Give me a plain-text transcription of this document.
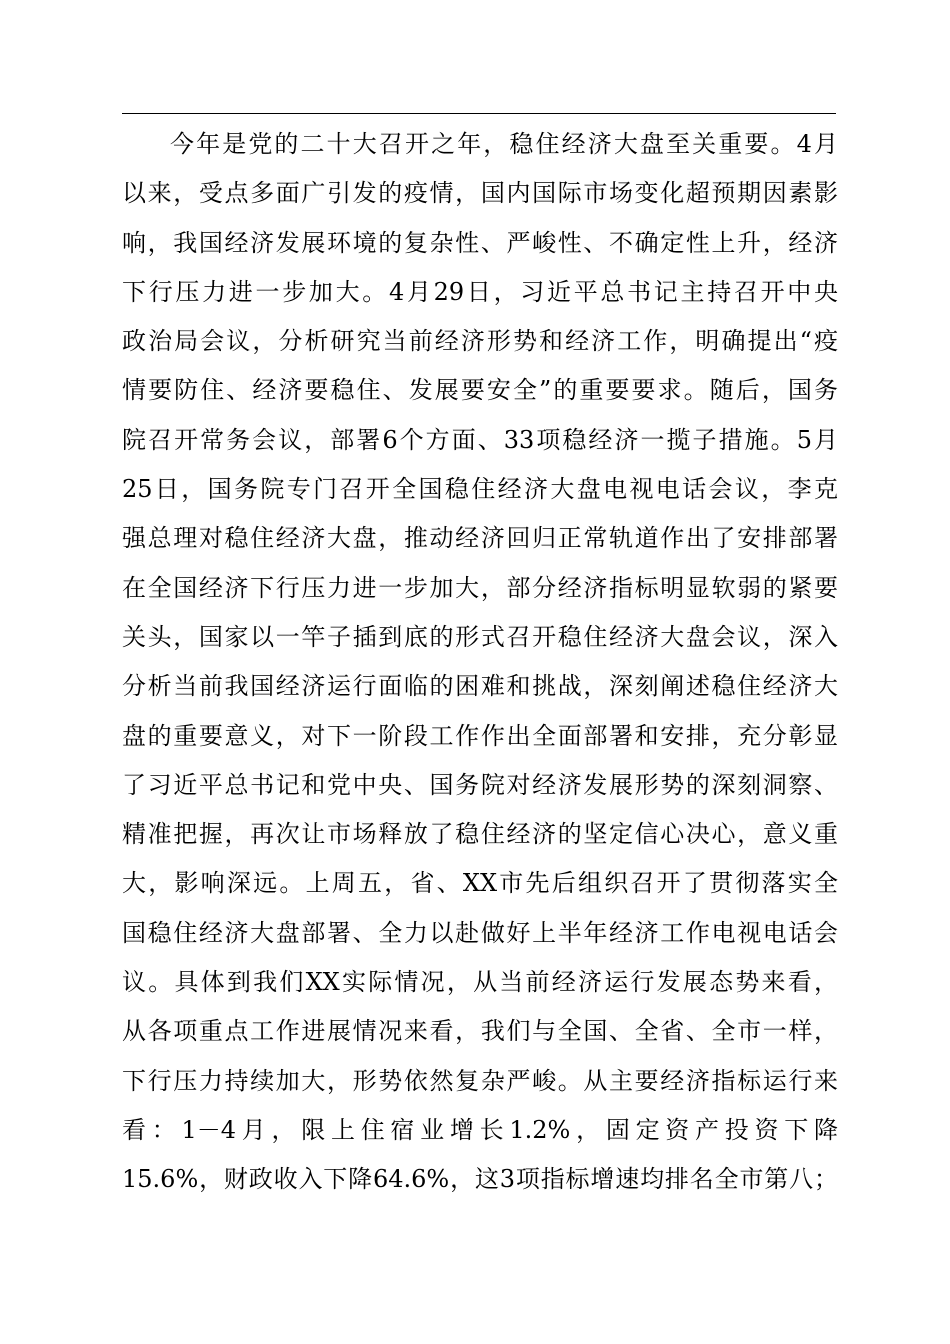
今年是党的二十大召开之年，稳住经济大盘至关重要。4月
以来，受点多面广引发的疫情，国内国际市场变化超预期因素影
响，我国经济发展环境的复杂性、严峻性、不确定性上升，经济
下行压力进一步加大。4月29日，习近平总书记主持召开中央
政治局会议，分析研究当前经济形势和经济工作，明确提出“疫
情要防住、经济要稳住、发展要安全”的重要要求。随后，国务
院召开常务会议，部署6个方面、33项稳经济一揽子措施。5月
25日，国务院专门召开全国稳住经济大盘电视电话会议，李克
强总理对稳住经济大盘，推动经济回归正常轨道作出了安排部署
在全国经济下行压力进一步加大，部分经济指标明显软弱的紧要
关头，国家以一竿子插到底的形式召开稳住经济大盘会议，深入
分析当前我国经济运行面临的困难和挑战，深刻阐述稳住经济大
盘的重要意义，对下一阶段工作作出全面部署和安排，充分彰显
了习近平总书记和党中央、国务院对经济发展形势的深刻洞察、
精准把握，再次让市场释放了稳住经济的坚定信心决心，意义重
大，影响深远。上周五，省、XX市先后组织召开了贯彻落实全
国稳住经济大盘部署、全力以赴做好上半年经济工作电视电话会
议。具体到我们XX实际情况，从当前经济运行发展态势来看，
从各项重点工作进展情况来看，我们与全国、全省、全市一样，
下行压力持续加大，形势依然复杂严峻。从主要经济指标运行来
看：1－4月，限上住宿业增长1.2%，固定资产投资下降
15.6%，财政收入下降64.6%，这3项指标增速均排名全市第八；
